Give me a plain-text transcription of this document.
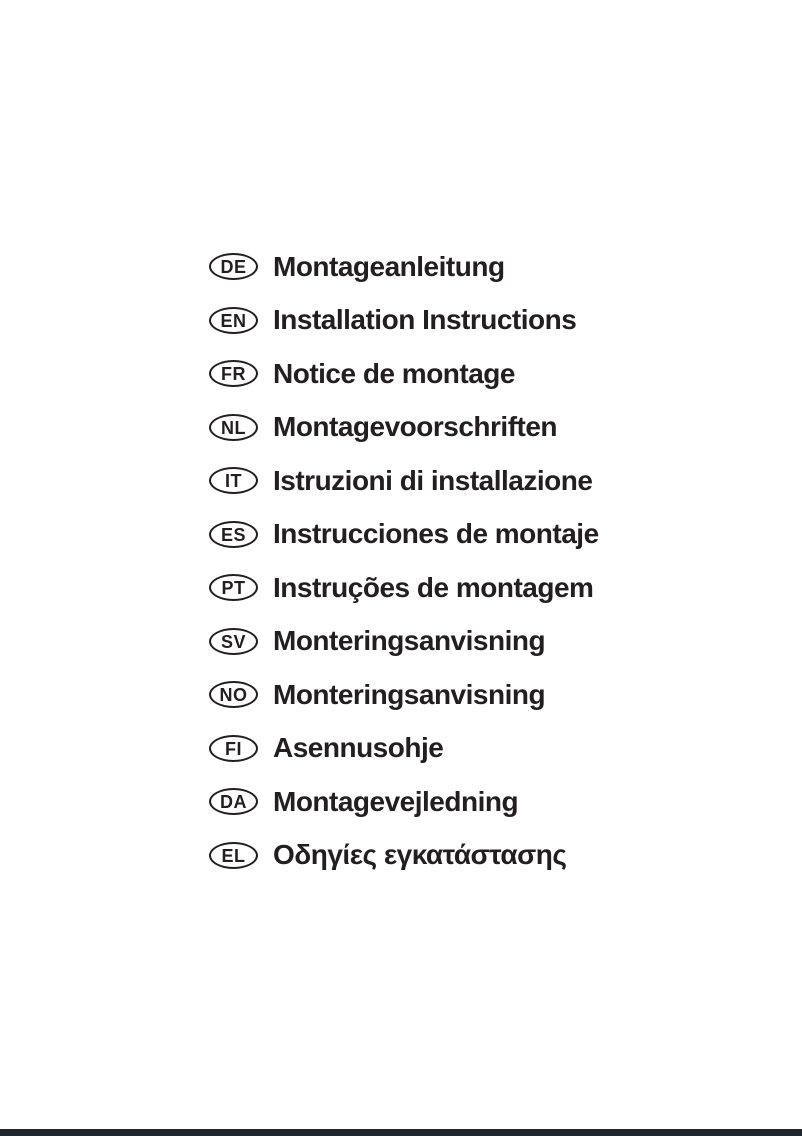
DE Montageanleitung
EN Installation Instructions
FR Notice de montage
NL Montagevoorschriften
IT Istruzioni di installazione
ES Instrucciones de montaje
PT Instruções de montagem
SV Monteringsanvisning
NO Monteringsanvisning
FI Asennusohje
DA Montagevejledning
EL Οδηγίες εγκατάστασης
